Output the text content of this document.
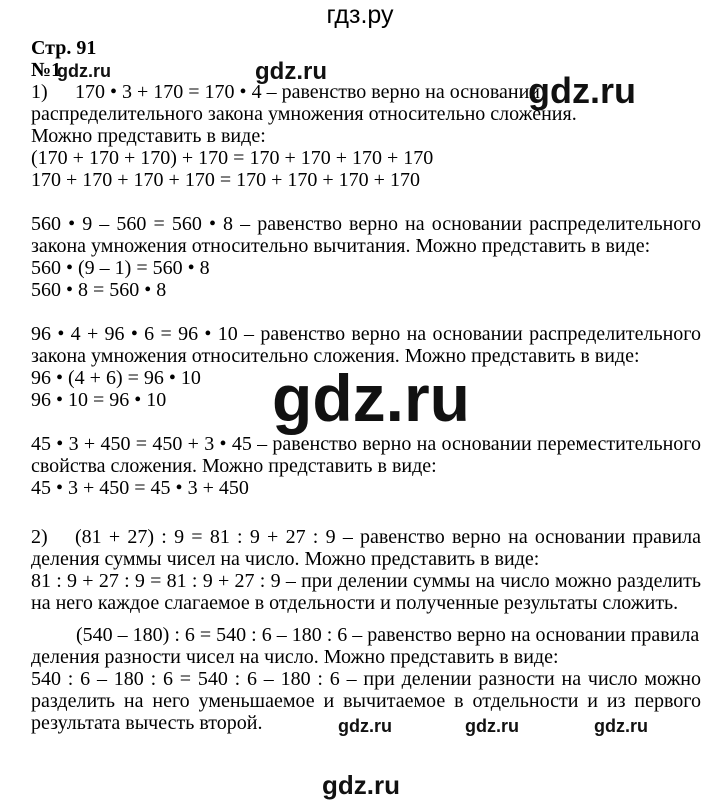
гдз.ру
Стр. 91
№1
1) 170 • 3 + 170 = 170 • 4 – равенство верно на основании
распределительного закона умножения относительно сложения.
Можно представить в виде:
(170 + 170 + 170) + 170 = 170 + 170 + 170 + 170
170 + 170 + 170 + 170 = 170 + 170 + 170 + 170
560 • 9 – 560 = 560 • 8 – равенство верно на основании распределительного
закона умножения относительно вычитания. Можно представить в виде:
560 • (9 – 1) = 560 • 8
560 • 8 = 560 • 8
96 • 4 + 96 • 6 = 96 • 10 – равенство верно на основании распределительного
закона умножения относительно сложения. Можно представить в виде:
96 • (4 + 6) = 96 • 10
96 • 10 = 96 • 10
45 • 3 + 450 = 450 + 3 • 45 – равенство верно на основании переместительного
свойства сложения. Можно представить в виде:
45 • 3 + 450 = 45 • 3 + 450
2) (81 + 27) : 9 = 81 : 9 + 27 : 9 – равенство верно на основании правила
деления суммы чисел на число. Можно представить в виде:
81 : 9 + 27 : 9 = 81 : 9 + 27 : 9 – при делении суммы на число можно разделить
на него каждое слагаемое в отдельности и полученные результаты сложить.
(540 – 180) : 6 = 540 : 6 – 180 : 6 – равенство верно на основании правила
деления разности чисел на число. Можно представить в виде:
540 : 6 – 180 : 6 = 540 : 6 – 180 : 6 – при делении разности на число можно
разделить на него уменьшаемое и вычитаемое в отдельности и из первого
результата вычесть второй.
gdz.ru	gdz.ru	gdz.ru
gdz.ru
gdz.ru	gdz.ru	gdz.ru
gdz.ru
